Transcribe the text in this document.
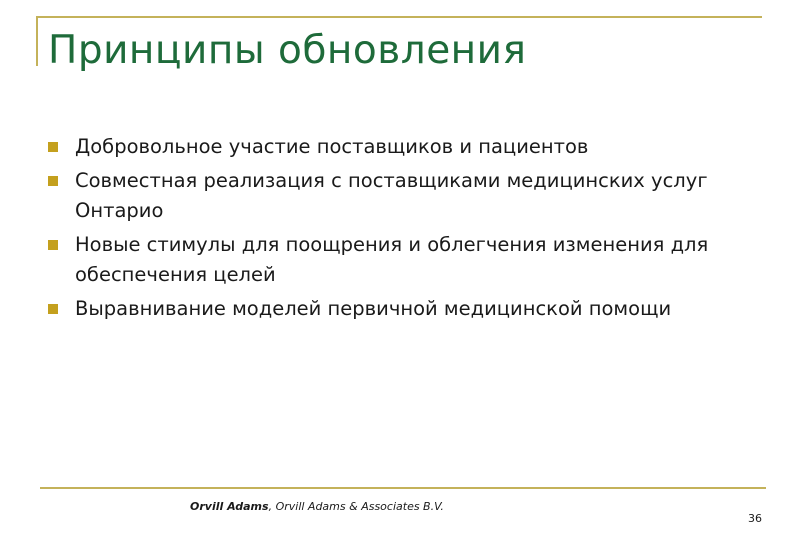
Принципы обновления
Добровольное участие поставщиков и пациентов
Совместная реализация с поставщиками медицинских услуг Онтарио
Новые стимулы для поощрения и облегчения изменения для обеспечения целей
Выравнивание моделей первичной медицинской помощи
Orvill Adams, Orvill Adams & Associates B.V.
36
